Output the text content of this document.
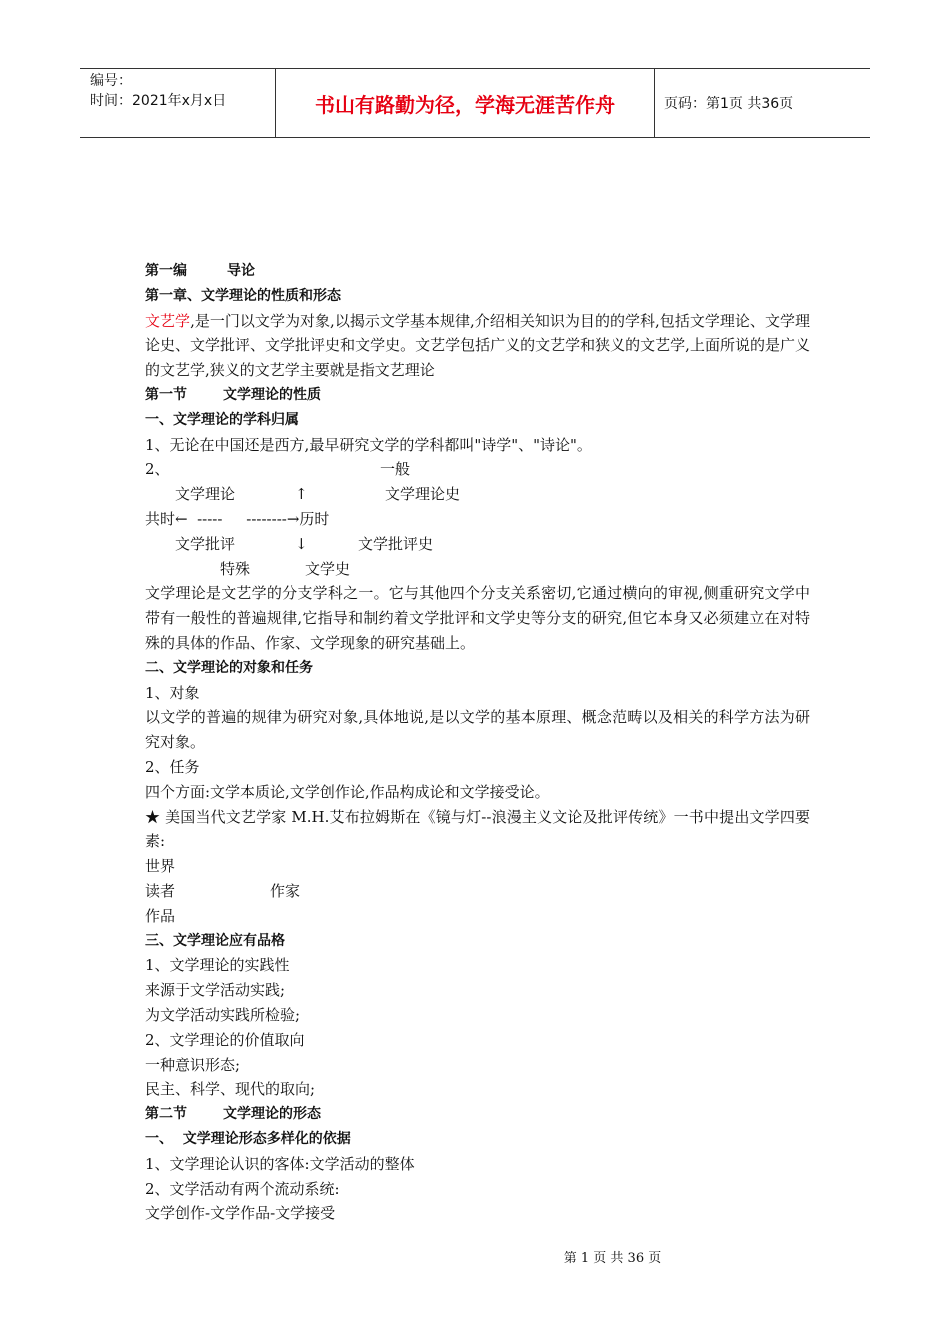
编号：
时间：2021年x月x日	书山有路勤为径，学海无涯苦作舟	页码：第1页 共36页
第一编	导论
第一章、文学理论的性质和形态
文艺学,是一门以文学为对象,以揭示文学基本规律,介绍相关知识为目的的学科,包括文学理论、文学理论史、文学批评、文学批评史和文学史。文艺学包括广义的文艺学和狭义的文艺学,上面所说的是广义的文艺学,狭义的文艺学主要就是指文艺理论
第一节	文学理论的性质
一、文学理论的学科归属
1、无论在中国还是西方,最早研究文学的学科都叫"诗学"、"诗论"。
2、	一般
文学理论	↑	文学理论史
共时←  -----     --------→历时
文学批评	↓	文学批评史
特殊	文学史
文学理论是文艺学的分支学科之一。它与其他四个分支关系密切,它通过横向的审视,侧重研究文学中带有一般性的普遍规律,它指导和制约着文学批评和文学史等分支的研究,但它本身又必须建立在对特殊的具体的作品、作家、文学现象的研究基础上。
二、文学理论的对象和任务
1、对象
以文学的普遍的规律为研究对象,具体地说,是以文学的基本原理、概念范畴以及相关的科学方法为研究对象。
2、任务
四个方面:文学本质论,文学创作论,作品构成论和文学接受论。
★ 美国当代文艺学家 M.H.艾布拉姆斯在《镜与灯--浪漫主义文论及批评传统》一书中提出文学四要素:
世界
读者	作家
作品
三、文学理论应有品格
1、文学理论的实践性
来源于文学活动实践;
为文学活动实践所检验;
2、文学理论的价值取向
一种意识形态;
民主、科学、现代的取向;
第二节	文学理论的形态
一、  文学理论形态多样化的依据
1、文学理论认识的客体:文学活动的整体
2、文学活动有两个流动系统:
文学创作-文学作品-文学接受
第 1 页 共 36 页
